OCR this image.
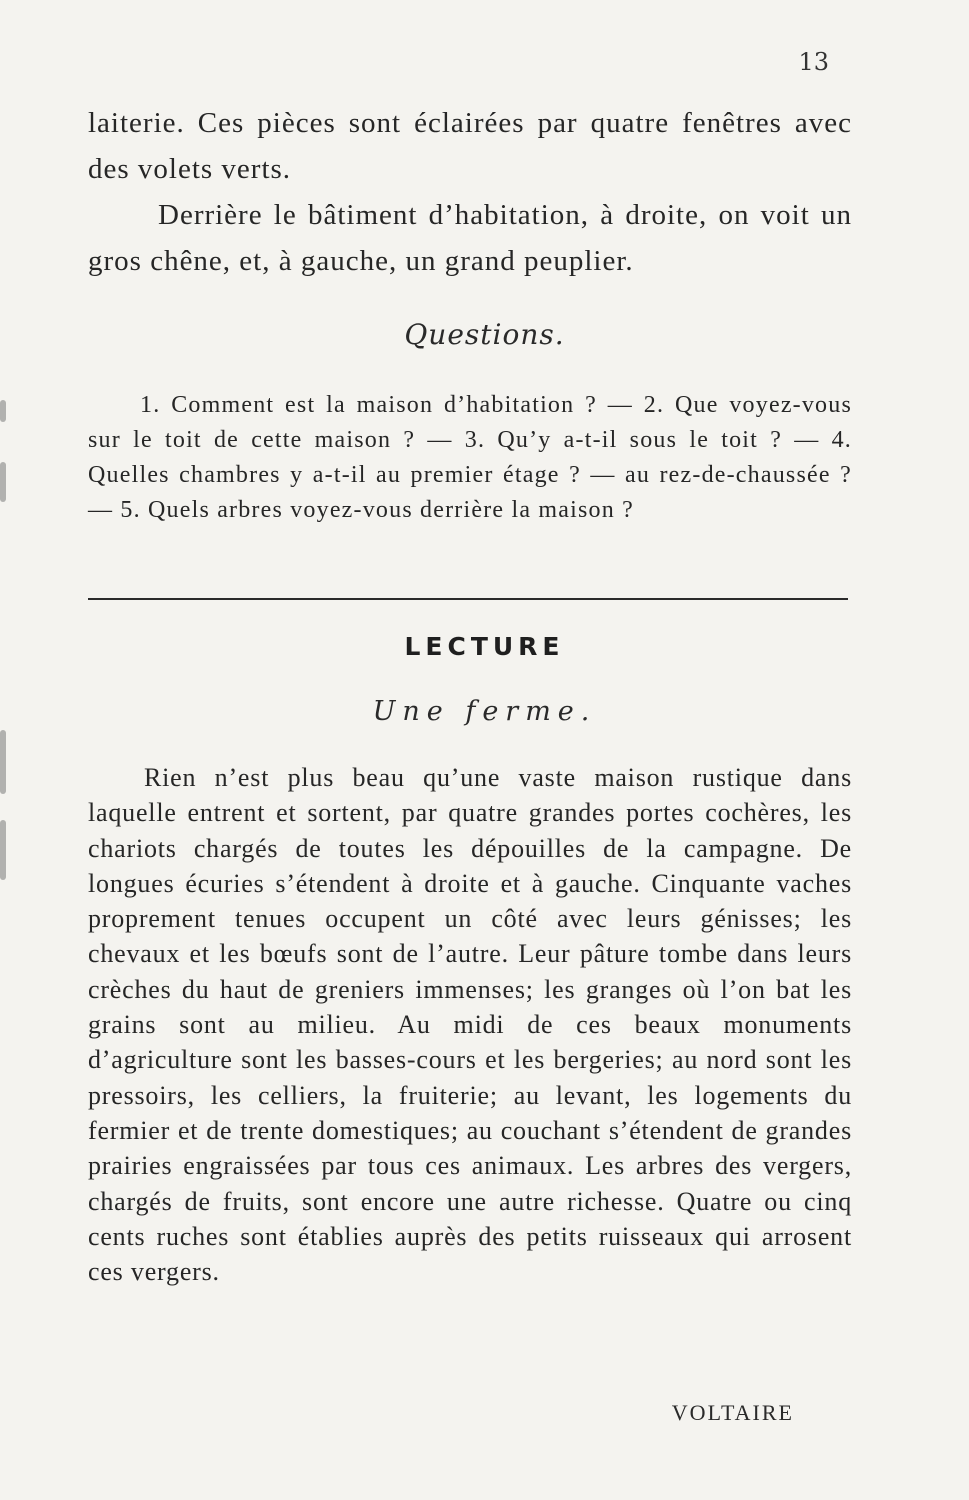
13

laiterie. Ces pièces sont éclairées par quatre fenêtres avec des volets verts.

Derrière le bâtiment d’habitation, à droite, on voit un gros chêne, et, à gauche, un grand peuplier.

Questions.
1. Comment est la maison d’habitation ? — 2. Que voyez-vous sur le toit de cette maison ? — 3. Qu’y a-t-il sous le toit ? — 4. Quelles chambres y a-t-il au premier étage ? — au rez-de-chaussée ? — 5. Quels arbres voyez-vous derrière la maison ?
LECTURE
Une ferme.
Rien n’est plus beau qu’une vaste maison rustique dans laquelle entrent et sortent, par quatre grandes portes cochères, les chariots chargés de toutes les dépouilles de la campagne. De longues écuries s’étendent à droite et à gauche. Cinquante vaches proprement tenues occupent un côté avec leurs génisses; les chevaux et les bœufs sont de l’autre. Leur pâture tombe dans leurs crèches du haut de greniers immenses; les granges où l’on bat les grains sont au milieu. Au midi de ces beaux monuments d’agriculture sont les basses-cours et les bergeries; au nord sont les pressoirs, les celliers, la fruiterie; au levant, les logements du fermier et de trente domestiques; au couchant s’étendent de grandes prairies engraissées par tous ces animaux. Les arbres des vergers, chargés de fruits, sont encore une autre richesse. Quatre ou cinq cents ruches sont établies auprès des petits ruisseaux qui arrosent ces vergers.
VOLTAIRE
